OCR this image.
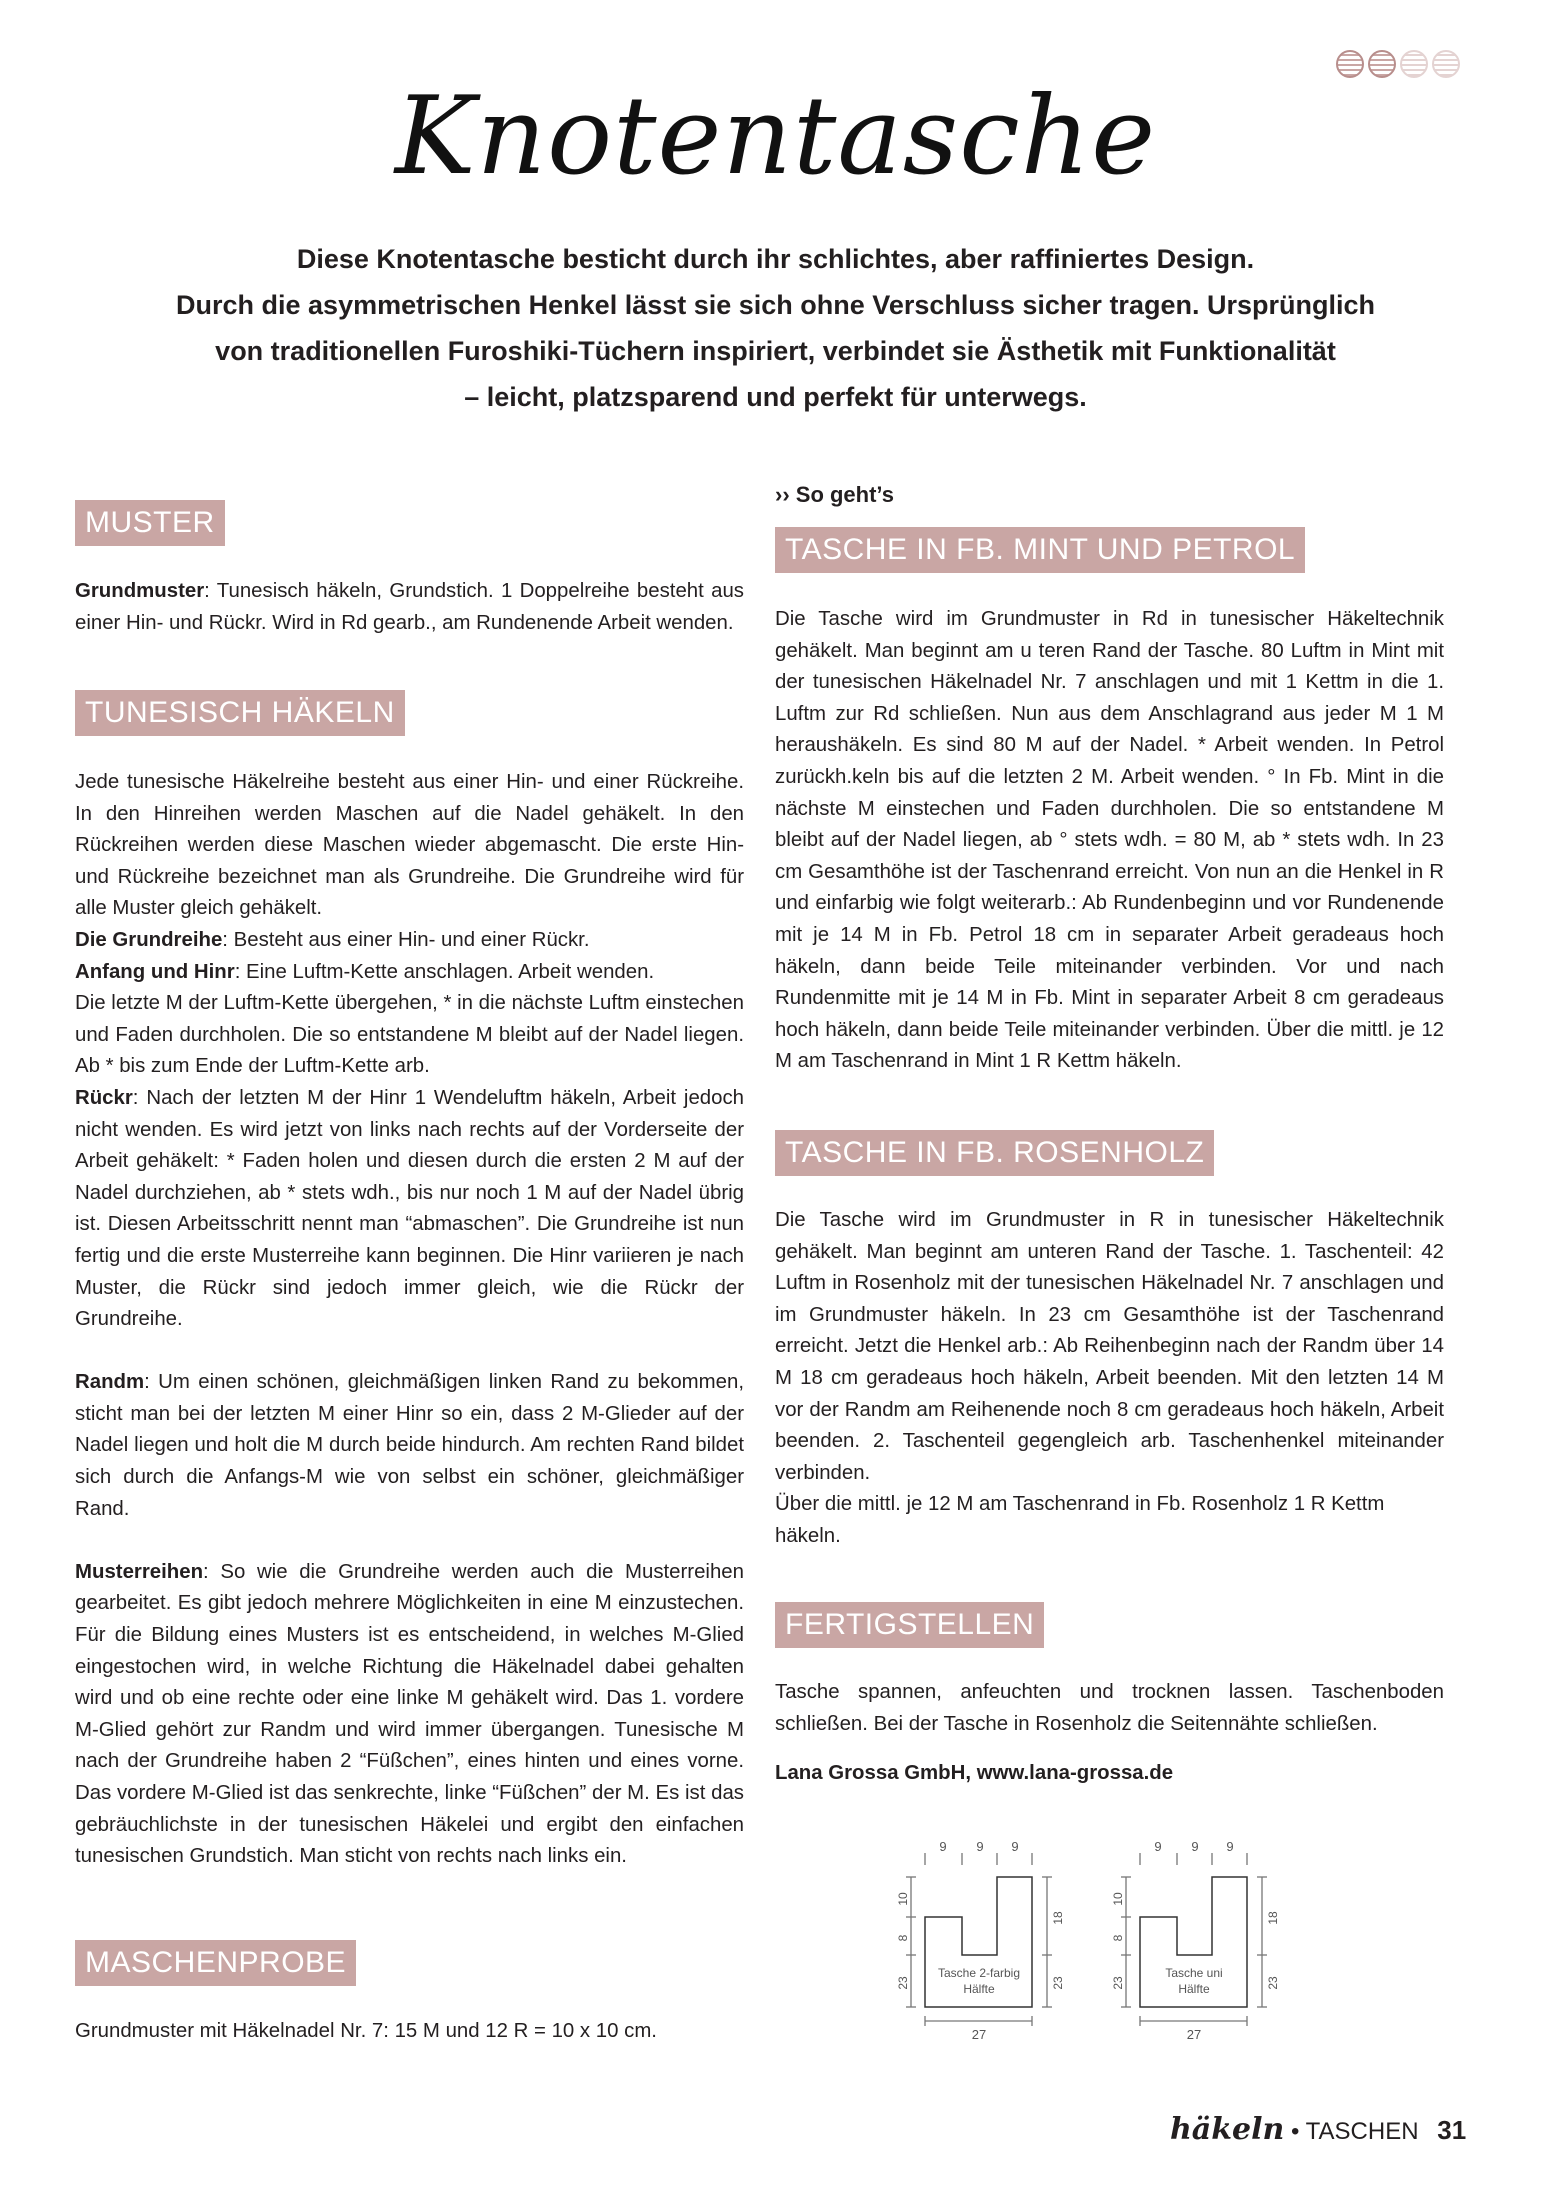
Knotentasche
Diese Knotentasche besticht durch ihr schlichtes, aber raffiniertes Design.
Durch die asymmetrischen Henkel lässt sie sich ohne Verschluss sicher tragen. Ursprünglich
von traditionellen Furoshiki-Tüchern inspiriert, verbindet sie Ästhetik mit Funktionalität
– leicht, platzsparend und perfekt für unterwegs.
MUSTER

Grundmuster: Tunesisch häkeln, Grundstich. 1 Doppelreihe besteht aus einer Hin- und Rückr. Wird in Rd gearb., am Rundenende Arbeit wenden.

TUNESISCH HÄKELN

Jede tunesische Häkelreihe besteht aus einer Hin- und einer Rückreihe. In den Hinreihen werden Maschen auf die Nadel gehäkelt. In den Rückreihen werden diese Maschen wieder abgemascht. Die erste Hin- und Rückreihe bezeichnet man als Grundreihe. Die Grundreihe wird für alle Muster gleich gehäkelt.

Die Grundreihe: Besteht aus einer Hin- und einer Rückr.

Anfang und Hinr: Eine Luftm-Kette anschlagen. Arbeit wenden.

Die letzte M der Luftm-Kette übergehen, * in die nächste Luftm einstechen und Faden durchholen. Die so entstandene M bleibt auf der Nadel liegen. Ab * bis zum Ende der Luftm-Kette arb.

Rückr: Nach der letzten M der Hinr 1 Wendeluftm häkeln, Arbeit jedoch nicht wenden. Es wird jetzt von links nach rechts auf der Vorderseite der Arbeit gehäkelt: * Faden holen und diesen durch die ersten 2 M auf der Nadel durchziehen, ab * stets wdh., bis nur noch 1 M auf der Nadel übrig ist. Diesen Arbeitsschritt nennt man “abmaschen”. Die Grundreihe ist nun fertig und die erste Musterreihe kann beginnen. Die Hinr variieren je nach Muster, die Rückr sind jedoch immer gleich, wie die Rückr der Grundreihe.

Randm: Um einen schönen, gleichmäßigen linken Rand zu bekommen, sticht man bei der letzten M einer Hinr so ein, dass 2 M-Glieder auf der Nadel liegen und holt die M durch beide hindurch. Am rechten Rand bildet sich durch die Anfangs-M wie von selbst ein schöner, gleichmäßiger Rand.

Musterreihen: So wie die Grundreihe werden auch die Musterreihen gearbeitet. Es gibt jedoch mehrere Möglichkeiten in eine M einzustechen. Für die Bildung eines Musters ist es entscheidend, in welches M-Glied eingestochen wird, in welche Richtung die Häkelnadel dabei gehalten wird und ob eine rechte oder eine linke M gehäkelt wird. Das 1. vordere M-Glied gehört zur Randm und wird immer übergangen. Tunesische M nach der Grundreihe haben 2 “Füßchen”, eines hinten und eines vorne. Das vordere M-Glied ist das senkrechte, linke “Füßchen” der M. Es ist das gebräuchlichste in der tunesischen Häkelei und ergibt den einfachen tunesischen Grundstich. Man sticht von rechts nach links ein.

MASCHENPROBE

Grundmuster mit Häkelnadel Nr. 7: 15 M und 12 R = 10 x 10 cm.

›› So geht’s
TASCHE IN FB. MINT UND PETROL

Die Tasche wird im Grundmuster in Rd in tunesischer Häkeltechnik gehäkelt. Man beginnt am u teren Rand der Tasche. 80 Luftm in Mint mit der tunesischen Häkelnadel Nr. 7 anschlagen und mit 1 Kettm in die 1. Luftm zur Rd schließen. Nun aus dem Anschlagrand aus jeder M 1 M heraushäkeln. Es sind 80 M auf der Nadel. * Arbeit wenden. In Petrol zurückh.keln bis auf die letzten 2 M. Arbeit wenden. ° In Fb. Mint in die nächste M einstechen und Faden durchholen. Die so entstandene M bleibt auf der Nadel liegen, ab ° stets wdh. = 80 M, ab * stets wdh. In 23 cm Gesamthöhe ist der Taschenrand erreicht. Von nun an die Henkel in R und einfarbig wie folgt weiterarb.: Ab Rundenbeginn und vor Rundenende mit je 14 M in Fb. Petrol 18 cm in separater Arbeit geradeaus hoch häkeln, dann beide Teile miteinander verbinden. Vor und nach Rundenmitte mit je 14 M in Fb. Mint in separater Arbeit 8 cm geradeaus hoch häkeln, dann beide Teile miteinander verbinden. Über die mittl. je 12 M am Taschenrand in Mint 1 R Kettm häkeln.

TASCHE IN FB. ROSENHOLZ

Die Tasche wird im Grundmuster in R in tunesischer Häkeltechnik gehäkelt. Man beginnt am unteren Rand der Tasche. 1. Taschenteil: 42 Luftm in Rosenholz mit der tunesischen Häkelnadel Nr. 7 anschlagen und im Grundmuster häkeln. In 23 cm Gesamthöhe ist der Taschenrand erreicht. Jetzt die Henkel arb.: Ab Reihenbeginn nach der Randm über 14 M 18 cm geradeaus hoch häkeln, Arbeit beenden. Mit den letzten 14 M vor der Randm am Reihenende noch 8 cm geradeaus hoch häkeln, Arbeit beenden. 2. Taschenteil gegengleich arb. Taschenhenkel miteinander verbinden.

Über die mittl. je 12 M am Taschenrand in Fb. Rosenholz 1 R Kettm häkeln.

FERTIGSTELLEN

Tasche spannen, anfeuchten und trocknen lassen. Taschenboden schließen. Bei der Tasche in Rosenholz die Seitennähte schließen.

Lana Grossa GmbH, www.lana-grossa.de
9 9 9
10
8
23
18
23
27
Tasche 2-farbig
Hälfte
9 9 9
10
8
23
18
23
27
Tasche uni
Hälfte
häkeln • TASCHEN 31
